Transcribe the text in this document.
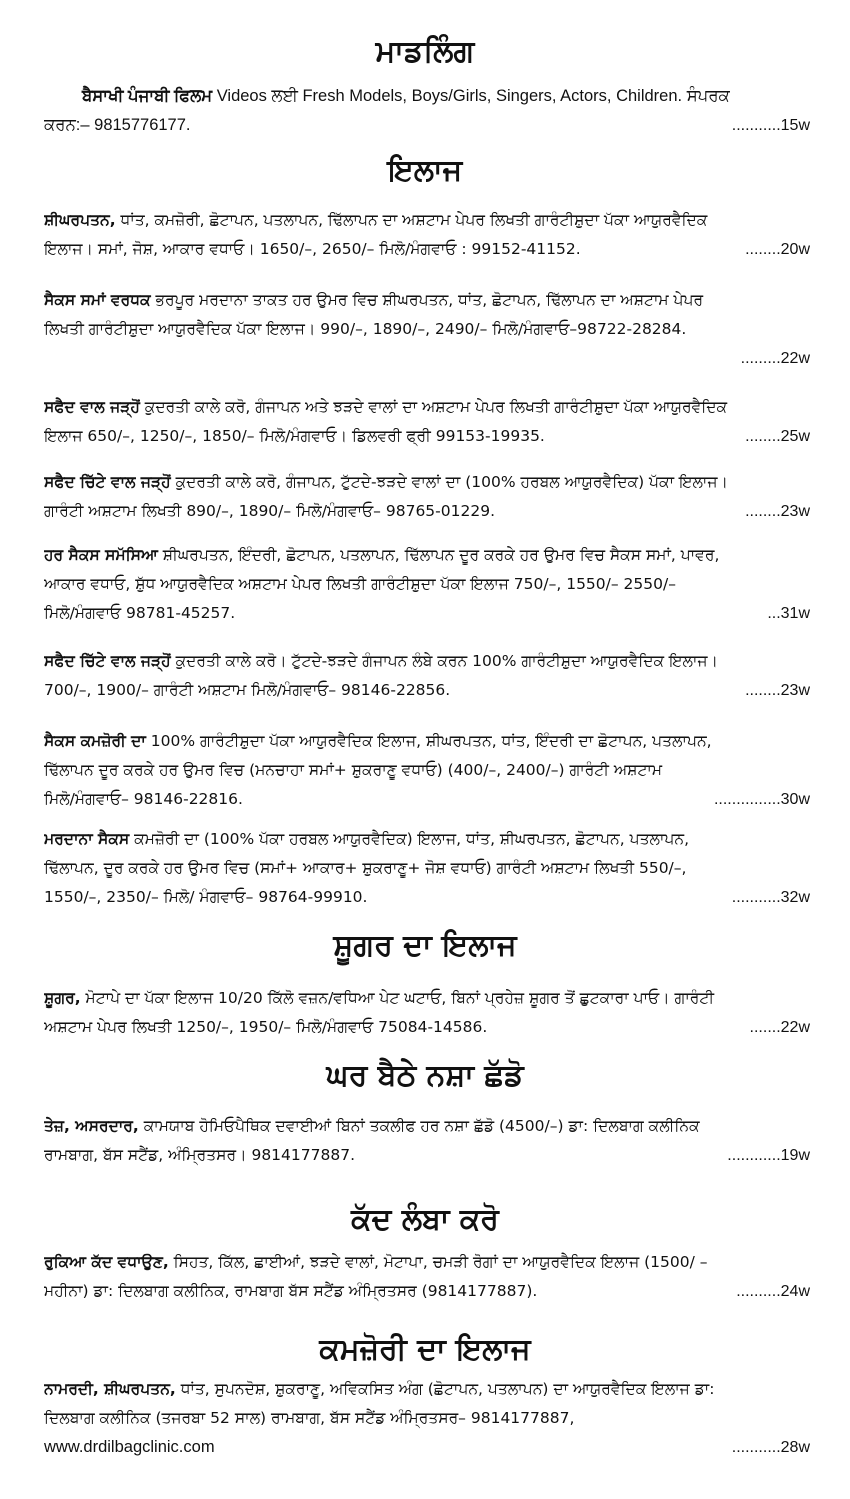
ਮਾਡਲਿੰਗ
ਬੈਸਾਖੀ ਪੰਜਾਬੀ ਫਿਲਮ Videos ਲਈ Fresh Models, Boys/Girls, Singers, Actors, Children. ਸੰਪਰਕ
ਕਰਨ:– 9815776177.	...........15w
ਇਲਾਜ
ਸ਼ੀਘਰਪਤਨ, ਧਾਂਤ, ਕਮਜ਼ੋਰੀ, ਛੋਟਾਪਨ, ਪਤਲਾਪਨ, ਢਿੱਲਾਪਨ ਦਾ ਅਸ਼ਟਾਮ ਪੇਪਰ ਲਿਖਤੀ ਗਾਰੰਟੀਸ਼ੁਦਾ ਪੱਕਾ ਆਯੁਰਵੈਦਿਕ
ਇਲਾਜ। ਸਮਾਂ, ਜੋਸ਼, ਆਕਾਰ ਵਧਾਓ। 1650/–, 2650/– ਮਿਲੋ/ਮੰਗਵਾਓ : 99152-41152.	........20w
ਸੈਕਸ ਸਮਾਂ ਵਰਧਕ ਭਰਪੂਰ ਮਰਦਾਨਾ ਤਾਕਤ ਹਰ ਉਮਰ ਵਿਚ ਸ਼ੀਘਰਪਤਨ, ਧਾਂਤ, ਛੋਟਾਪਨ, ਢਿੱਲਾਪਨ ਦਾ ਅਸ਼ਟਾਮ ਪੇਪਰ
ਲਿਖਤੀ ਗਾਰੰਟੀਸ਼ੁਦਾ ਆਯੁਰਵੈਦਿਕ ਪੱਕਾ ਇਲਾਜ। 990/–, 1890/–, 2490/– ਮਿਲੋ/ਮੰਗਵਾਓ–98722-28284.
.........22w
ਸਫੈਦ ਵਾਲ ਜੜ੍ਹੋਂ ਕੁਦਰਤੀ ਕਾਲੇ ਕਰੋ, ਗੰਜਾਪਨ ਅਤੇ ਝੜਦੇ ਵਾਲਾਂ ਦਾ ਅਸ਼ਟਾਮ ਪੇਪਰ ਲਿਖਤੀ ਗਾਰੰਟੀਸ਼ੁਦਾ ਪੱਕਾ ਆਯੁਰਵੈਦਿਕ
ਇਲਾਜ 650/–, 1250/–, 1850/– ਮਿਲੋ/ਮੰਗਵਾਓ। ਡਿਲਵਰੀ ਫ੍ਰੀ 99153-19935.	........25w
ਸਫੈਦ ਚਿੱਟੇ ਵਾਲ ਜੜ੍ਹੋਂ ਕੁਦਰਤੀ ਕਾਲੇ ਕਰੋ, ਗੰਜਾਪਨ, ਟੁੱਟਦੇ-ਝੜਦੇ ਵਾਲਾਂ ਦਾ (100% ਹਰਬਲ ਆਯੁਰਵੈਦਿਕ) ਪੱਕਾ ਇਲਾਜ।
ਗਾਰੰਟੀ ਅਸ਼ਟਾਮ ਲਿਖਤੀ 890/–, 1890/– ਮਿਲੋ/ਮੰਗਵਾਓ– 98765-01229.	........23w
ਹਰ ਸੈਕਸ ਸਮੱਸਿਆ ਸ਼ੀਘਰਪਤਨ, ਇੰਦਰੀ, ਛੋਟਾਪਨ, ਪਤਲਾਪਨ, ਢਿੱਲਾਪਨ ਦੂਰ ਕਰਕੇ ਹਰ ਉਮਰ ਵਿਚ ਸੈਕਸ ਸਮਾਂ, ਪਾਵਰ,
ਆਕਾਰ ਵਧਾਓ, ਸ਼ੁੱਧ ਆਯੁਰਵੈਦਿਕ ਅਸ਼ਟਾਮ ਪੇਪਰ ਲਿਖਤੀ ਗਾਰੰਟੀਸ਼ੁਦਾ ਪੱਕਾ ਇਲਾਜ 750/–, 1550/– 2550/–
ਮਿਲੋ/ਮੰਗਵਾਓ 98781-45257.	...31w
ਸਫੈਦ ਚਿੱਟੇ ਵਾਲ ਜੜ੍ਹੋਂ ਕੁਦਰਤੀ ਕਾਲੇ ਕਰੋ। ਟੁੱਟਦੇ-ਝੜਦੇ ਗੰਜਾਪਨ ਲੰਬੇ ਕਰਨ 100% ਗਾਰੰਟੀਸ਼ੁਦਾ ਆਯੁਰਵੈਦਿਕ ਇਲਾਜ।
700/–, 1900/– ਗਾਰੰਟੀ ਅਸ਼ਟਾਮ ਮਿਲੋ/ਮੰਗਵਾਓ– 98146-22856.	........23w
ਸੈਕਸ ਕਮਜ਼ੋਰੀ ਦਾ 100% ਗਾਰੰਟੀਸ਼ੁਦਾ ਪੱਕਾ ਆਯੁਰਵੈਦਿਕ ਇਲਾਜ, ਸ਼ੀਘਰਪਤਨ, ਧਾਂਤ, ਇੰਦਰੀ ਦਾ ਛੋਟਾਪਨ, ਪਤਲਾਪਨ,
ਢਿੱਲਾਪਨ ਦੂਰ ਕਰਕੇ ਹਰ ਉਮਰ ਵਿਚ (ਮਨਚਾਹਾ ਸਮਾਂ+ ਸ਼ੁਕਰਾਣੂ ਵਧਾਓ) (400/–, 2400/–) ਗਾਰੰਟੀ ਅਸ਼ਟਾਮ
ਮਿਲੋ/ਮੰਗਵਾਓ– 98146-22816.	...............30w
ਮਰਦਾਨਾ ਸੈਕਸ ਕਮਜ਼ੋਰੀ ਦਾ (100% ਪੱਕਾ ਹਰਬਲ ਆਯੁਰਵੈਦਿਕ) ਇਲਾਜ, ਧਾਂਤ, ਸ਼ੀਘਰਪਤਨ, ਛੋਟਾਪਨ, ਪਤਲਾਪਨ,
ਢਿੱਲਾਪਨ, ਦੂਰ ਕਰਕੇ ਹਰ ਉਮਰ ਵਿਚ (ਸਮਾਂ+ ਆਕਾਰ+ ਸ਼ੁਕਰਾਣੂ+ ਜੋਸ਼ ਵਧਾਓ) ਗਾਰੰਟੀ ਅਸ਼ਟਾਮ ਲਿਖਤੀ 550/–,
1550/–, 2350/– ਮਿਲੋ/ ਮੰਗਵਾਓ– 98764-99910.	...........32w
ਸ਼ੂਗਰ ਦਾ ਇਲਾਜ
ਸ਼ੂਗਰ, ਮੋਟਾਪੇ ਦਾ ਪੱਕਾ ਇਲਾਜ 10/20 ਕਿੱਲੋ ਵਜ਼ਨ/ਵਧਿਆ ਪੇਟ ਘਟਾਓ, ਬਿਨਾਂ ਪ੍ਰਹੇਜ਼ ਸ਼ੂਗਰ ਤੋਂ ਛੁਟਕਾਰਾ ਪਾਓ। ਗਾਰੰਟੀ
ਅਸ਼ਟਾਮ ਪੇਪਰ ਲਿਖਤੀ 1250/–, 1950/– ਮਿਲੋ/ਮੰਗਵਾਓ 75084-14586.	.......22w
ਘਰ ਬੈਠੇ ਨਸ਼ਾ ਛੱਡੋ
ਤੇਜ਼, ਅਸਰਦਾਰ, ਕਾਮਯਾਬ ਹੋਮਿਓਪੈਥਿਕ ਦਵਾਈਆਂ ਬਿਨਾਂ ਤਕਲੀਫ ਹਰ ਨਸ਼ਾ ਛੱਡੋ (4500/–) ਡਾ: ਦਿਲਬਾਗ ਕਲੀਨਿਕ
ਰਾਮਬਾਗ, ਬੱਸ ਸਟੈਂਡ, ਅੰਮ੍ਰਿਤਸਰ। 9814177887.	............19w
ਕੱਦ ਲੰਬਾ ਕਰੋ
ਰੁਕਿਆ ਕੱਦ ਵਧਾਉਣ, ਸਿਹਤ, ਕਿੱਲ, ਛਾਈਆਂ, ਝੜਦੇ ਵਾਲਾਂ, ਮੋਟਾਪਾ, ਚਮੜੀ ਰੋਗਾਂ ਦਾ ਆਯੁਰਵੈਦਿਕ ਇਲਾਜ (1500/ –
ਮਹੀਨਾ) ਡਾ: ਦਿਲਬਾਗ ਕਲੀਨਿਕ, ਰਾਮਬਾਗ ਬੱਸ ਸਟੈਂਡ ਅੰਮ੍ਰਿਤਸਰ (9814177887).	..........24w
ਕਮਜ਼ੋਰੀ ਦਾ ਇਲਾਜ
ਨਾਮਰਦੀ, ਸ਼ੀਘਰਪਤਨ, ਧਾਂਤ, ਸੁਪਨਦੋਸ਼, ਸ਼ੁਕਰਾਣੂ, ਅਵਿਕਸਿਤ ਅੰਗ (ਛੋਟਾਪਨ, ਪਤਲਾਪਨ) ਦਾ ਆਯੁਰਵੈਦਿਕ ਇਲਾਜ ਡਾ:
ਦਿਲਬਾਗ ਕਲੀਨਿਕ (ਤਜਰਬਾ 52 ਸਾਲ) ਰਾਮਬਾਗ, ਬੱਸ ਸਟੈਂਡ ਅੰਮ੍ਰਿਤਸਰ– 9814177887,
www.drdilbagclinic.com	...........28w
